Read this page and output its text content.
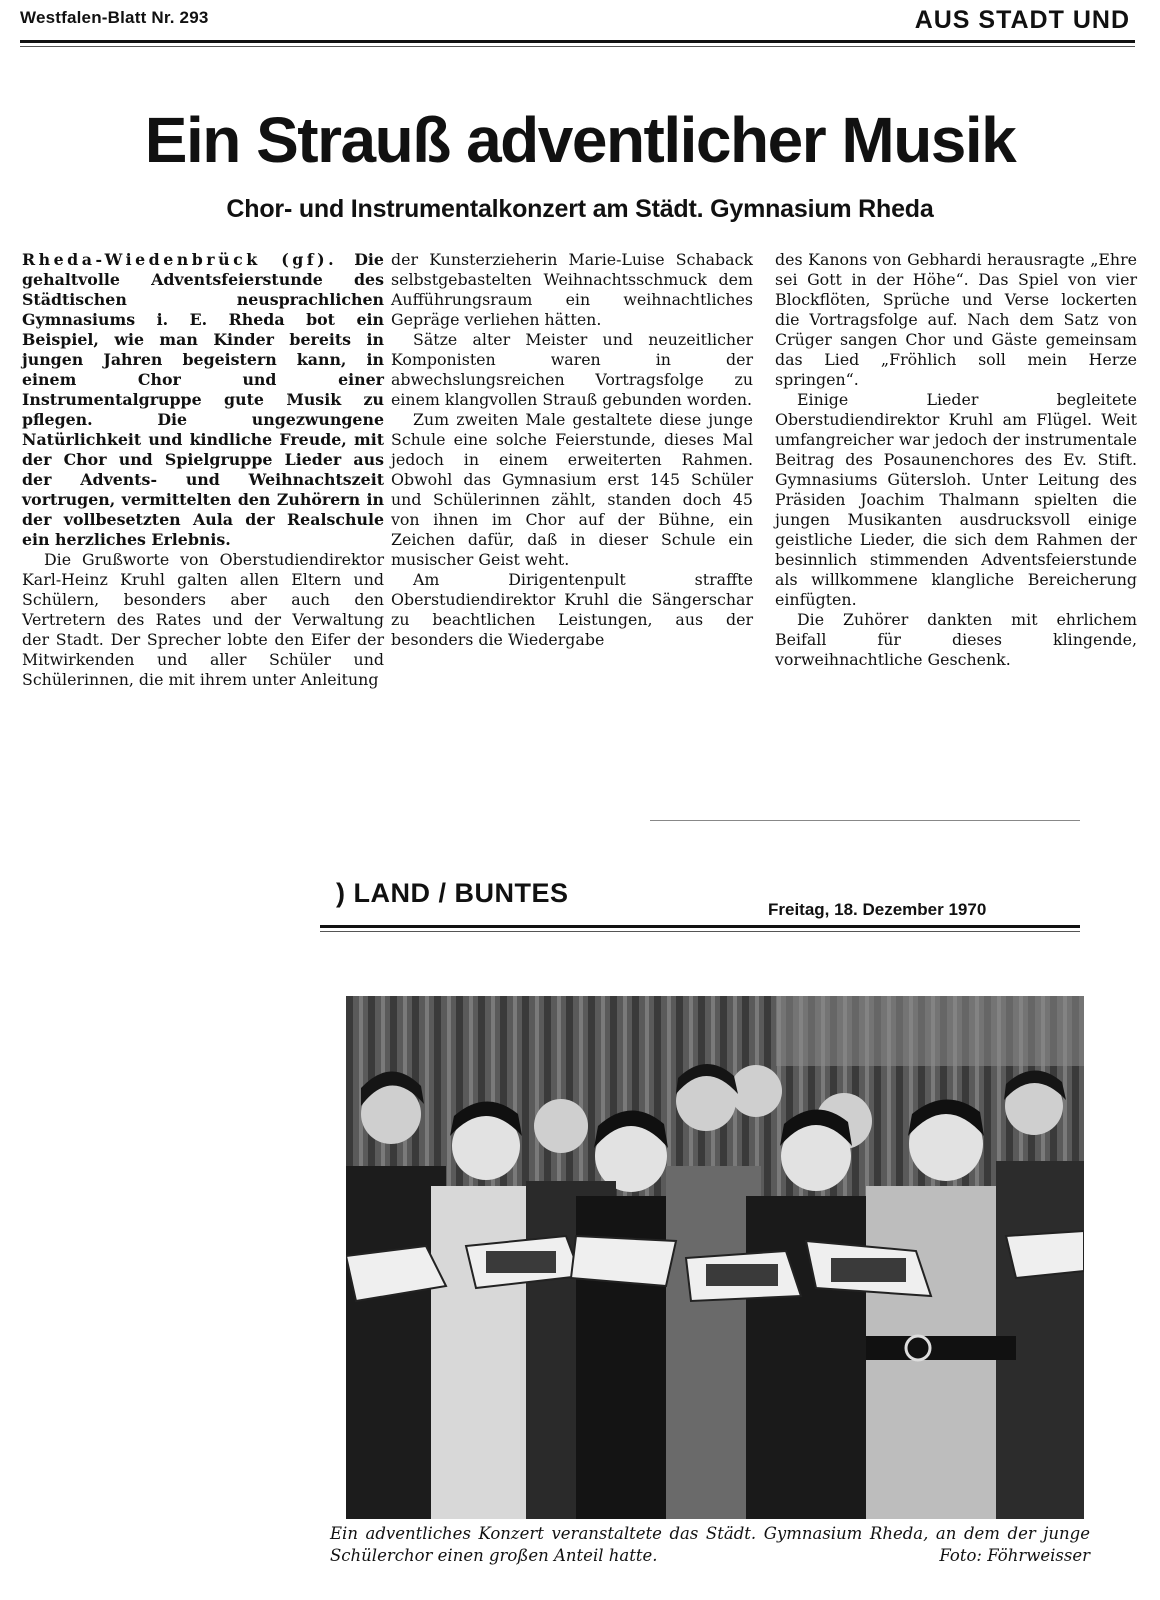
Westfalen-Blatt Nr. 293	AUS STADT UND
Ein Strauß adventlicher Musik
Chor- und Instrumentalkonzert am Städt. Gymnasium Rheda

Rheda-Wiedenbrück (gf). Die gehaltvolle Adventsfeierstunde des Städtischen neusprachlichen Gymnasiums i. E. Rheda bot ein Beispiel, wie man Kinder bereits in jungen Jahren begeistern kann, in einem Chor und einer Instrumentalgruppe gute Musik zu pflegen. Die ungezwungene Natürlichkeit und kindliche Freude, mit der Chor und Spielgruppe Lieder aus der Advents- und Weihnachtszeit vortrugen, vermittelten den Zuhörern in der vollbesetzten Aula der Realschule ein herzliches Erlebnis.

Die Grußworte von Oberstudiendirektor Karl-Heinz Kruhl galten allen Eltern und Schülern, besonders aber auch den Vertretern des Rates und der Verwaltung der Stadt. Der Sprecher lobte den Eifer der Mitwirkenden und aller Schüler und Schülerinnen, die mit ihrem unter Anleitung

der Kunsterzieherin Marie-Luise Schaback selbstgebastelten Weihnachtsschmuck dem Aufführungsraum ein weihnachtliches Gepräge verliehen hätten.

Sätze alter Meister und neuzeitlicher Komponisten waren in der abwechslungsreichen Vortragsfolge zu einem klangvollen Strauß gebunden worden.

Zum zweiten Male gestaltete diese junge Schule eine solche Feierstunde, dieses Mal jedoch in einem erweiterten Rahmen. Obwohl das Gymnasium erst 145 Schüler und Schülerinnen zählt, standen doch 45 von ihnen im Chor auf der Bühne, ein Zeichen dafür, daß in dieser Schule ein musischer Geist weht.

Am Dirigentenpult straffte Oberstudiendirektor Kruhl die Sängerschar zu beachtlichen Leistungen, aus der besonders die Wiedergabe

des Kanons von Gebhardi herausragte „Ehre sei Gott in der Höhe“. Das Spiel von vier Blockflöten, Sprüche und Verse lockerten die Vortragsfolge auf. Nach dem Satz von Crüger sangen Chor und Gäste gemeinsam das Lied „Fröhlich soll mein Herze springen“.

Einige Lieder begleitete Oberstudiendirektor Kruhl am Flügel. Weit umfangreicher war jedoch der instrumentale Beitrag des Posaunenchores des Ev. Stift. Gymnasiums Gütersloh. Unter Leitung des Präsiden Joachim Thalmann spielten die jungen Musikanten ausdrucksvoll einige geistliche Lieder, die sich dem Rahmen der besinnlich stimmenden Adventsfeierstunde als willkommene klangliche Bereicherung einfügten.

Die Zuhörer dankten mit ehrlichem Beifall für dieses klingende, vorweihnachtliche Geschenk.

) LAND / BUNTES
Freitag, 18. Dezember 1970
Ein adventliches Konzert veranstaltete das Städt. Gymnasium Rheda, an dem der junge Schülerchor einen großen Anteil hatte.	Foto: Föhrweisser
